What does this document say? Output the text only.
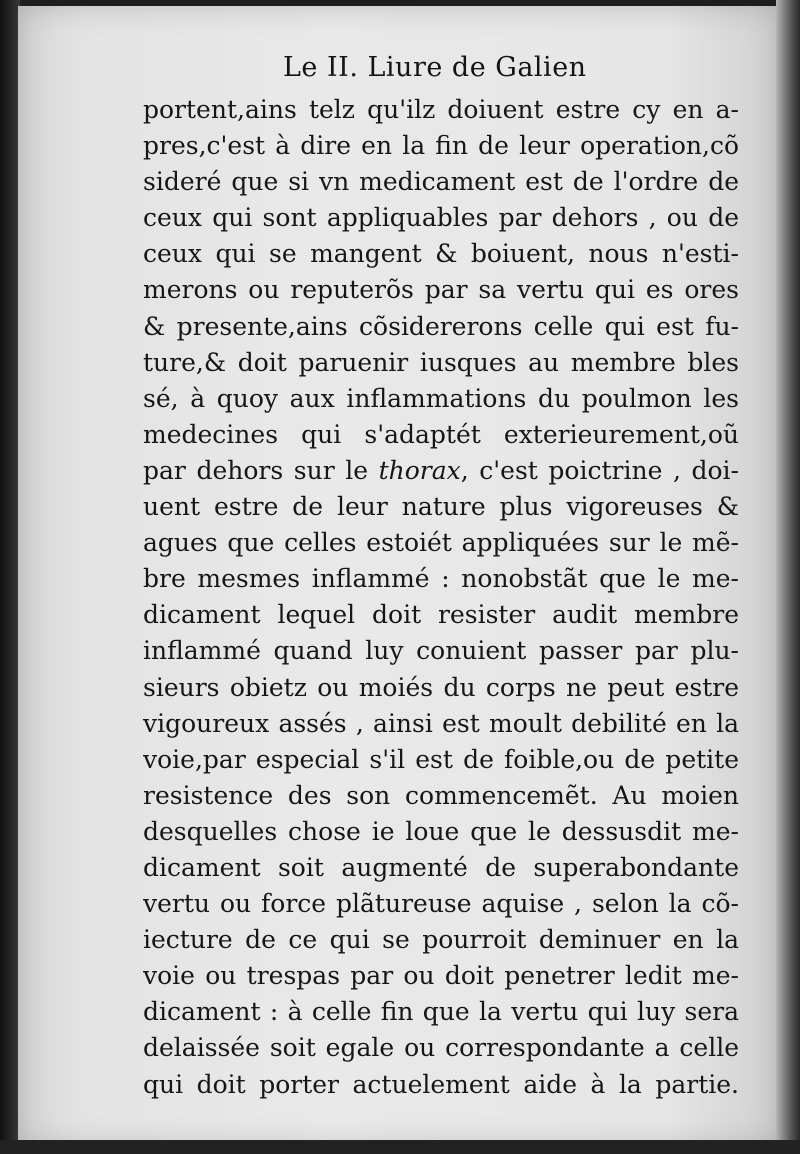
Le II. Liure de Galien
portent,ains telz qu'ilz doiuent estre cy en a-
pres,c'est à dire en la fin de leur operation,cõ
sideré que si vn medicament est de l'ordre de
ceux qui sont appliquables par dehors , ou de
ceux qui se mangent & boiuent, nous n'esti-
merons ou reputerõs par sa vertu qui es ores
& presente,ains cõsidererons celle qui est fu-
ture,& doit paruenir iusques au membre bles
sé, à quoy aux inflammations du poulmon les
medecines qui s'adaptét exterieurement,oũ
par dehors sur le thorax, c'est poictrine , doi-
uent estre de leur nature plus vigoreuses &
agues que celles estoiét appliquées sur le mẽ-
bre mesmes inflammé : nonobstãt que le me-
dicament lequel doit resister audit membre
inflammé quand luy conuient passer par plu-
sieurs obietz ou moiés du corps ne peut estre
vigoureux assés , ainsi est moult debilité en la
voie,par especial s'il est de foible,ou de petite
resistence des son commencemẽt. Au moien
desquelles chose ie loue que le dessusdit me-
dicament soit augmenté de superabondante
vertu ou force plãtureuse aquise , selon la cõ-
iecture de ce qui se pourroit deminuer en la
voie ou trespas par ou doit penetrer ledit me-
dicament : à celle fin que la vertu qui luy sera
delaissée soit egale ou correspondante a celle
qui doit porter actuelement aide à la partie.
